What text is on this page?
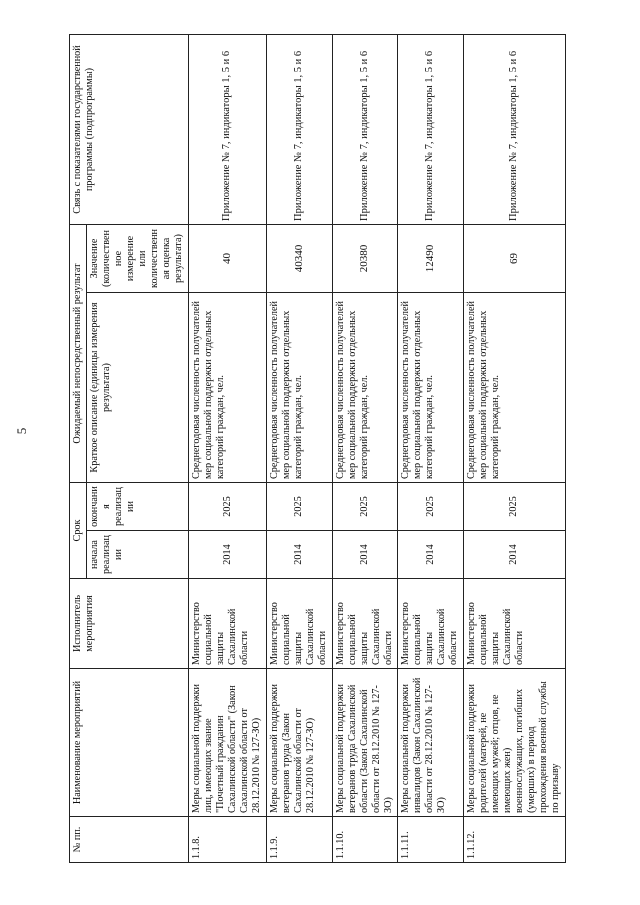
5
№ пп.	Наименование мероприятий	Исполнитель мероприятия	Срок		Ожидаемый непосредственный результат		Связь с показателями государственной программы (подпрограммы)
			начала реализации	окончания реализации	Краткое описание (единицы измерения результата)	Значение (количественное измерение или количественная оценка результата)	
1.1.8.	Меры социальной поддержки лиц, имеющих звание "Почетный гражданин Сахалинской области" (Закон Сахалинской области от 28.12.2010 № 127-ЗО)	Министерство социальной защиты Сахалинской области	2014	2025	Среднегодовая численность получателей мер социальной поддержки отдельных категорий граждан, чел.	40	Приложение № 7, индикаторы 1, 5 и 6
1.1.9.	Меры социальной поддержки ветеранов труда (Закон Сахалинской области от 28.12.2010 № 127-ЗО)	Министерство социальной защиты Сахалинской области	2014	2025	Среднегодовая численность получателей мер социальной поддержки отдельных категорий граждан, чел.	40340	Приложение № 7, индикаторы 1, 5 и 6
1.1.10.	Меры социальной поддержки ветеранов труда Сахалинской области (Закон Сахалинской области от 28.12.2010 № 127-ЗО)	Министерство социальной защиты Сахалинской области	2014	2025	Среднегодовая численность получателей мер социальной поддержки отдельных категорий граждан, чел.	20380	Приложение № 7, индикаторы 1, 5 и 6
1.1.11.	Меры социальной поддержки инвалидов (Закон Сахалинской области от 28.12.2010 № 127-ЗО)	Министерство социальной защиты Сахалинской области	2014	2025	Среднегодовая численность получателей мер социальной поддержки отдельных категорий граждан, чел.	12490	Приложение № 7, индикаторы 1, 5 и 6
1.1.12.	Меры социальной поддержки родителей (матерей, не имеющих мужей; отцов, не имеющих жен) военнослужащих, погибших (умерших) в период прохождения военной службы по призыву	Министерство социальной защиты Сахалинской области	2014	2025	Среднегодовая численность получателей мер социальной поддержки отдельных категорий граждан, чел.	69	Приложение № 7, индикаторы 1, 5 и 6
